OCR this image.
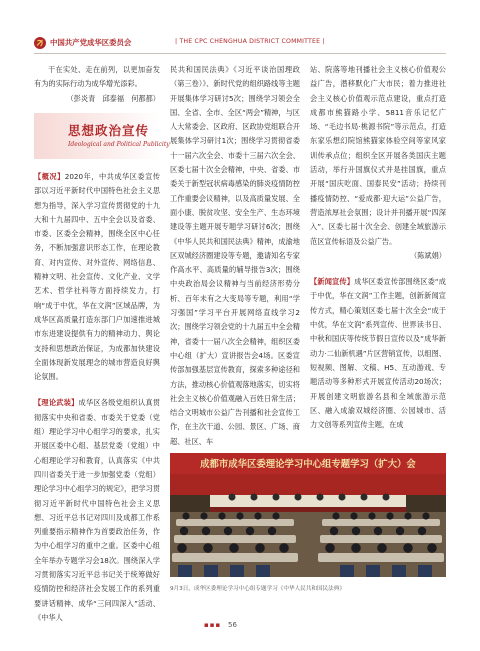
中国共产党成华区委员会	| THE CPC CHENGHUA DISTRICT COMMITTEE |

干在实处、走在前列，以更加奋发有为的实际行动为成华增光添彩。

（彭炎青　邱泰福　何都都）

思想政治宣传
Ideological and Political Publicity

【概况】2020年，中共成华区委宣传部以习近平新时代中国特色社会主义思想为指导，深入学习宣传贯彻党的十九大和十九届四中、五中全会以及省委、市委、区委全会精神，围绕全区中心任务，不断加强意识形态工作，在理论教育、对内宣传、对外宣传、网络信息、精神文明、社会宣传、文化产业、文学艺术、哲学社科等方面持续发力，打响“成于中优，华在文润”区域品牌，为成华区高质量打造东部门户加速推进城市东进建设提供有力的精神动力、舆论支持和思想政治保证，为成都加快建设全面体现新发展理念的城市营造良好舆论氛围。

【理论武装】成华区各级党组织认真贯彻落实中央和省委、市委关于党委（党组）理论学习中心组学习的要求，扎实开展区委中心组、基层党委（党组）中心组理论学习和教育，认真落实《中共四川省委关于进一步加强党委（党组）理论学习中心组学习的规定》，把学习贯彻习近平新时代中国特色社会主义思想、习近平总书记对四川及成都工作系列重要指示精神作为首要政治任务，作为中心组学习的重中之重。区委中心组全年举办专题学习会18次。围绕深入学习贯彻落实习近平总书记关于统筹做好疫情防控和经济社会发展工作的系列重要讲话精神、成华“三问四深入”活动、《中华人

民共和国民法典》《习近平谈治国理政（第三卷）》、新时代党的组织路线等主题开展集体学习研讨5次；围绕学习领会全国、全省、全市、全区“两会”精神，与区人大常委会、区政府、区政协党组联合开展集体学习研讨1次；围绕学习贯彻省委十一届六次全会、市委十三届六次全会、区委七届十次全会精神，中央、省委、市委关于新型冠状病毒感染的肺炎疫情防控工作重要会议精神，以及高质量发展、全面小康、脱贫攻坚、安全生产、生态环境建设等主题开展专题学习研讨6次；围绕《中华人民共和国民法典》精神，成渝地区双城经济圈建设等专题，邀请知名专家作高水平、高质量的辅导报告3次；围绕中央政治局会议精神与当前经济形势分析、百年未有之大变局等专题，利用“学习强国”学习平台开展网络直线学习2次；围绕学习领会党的十九届五中全会精神，省委十一届八次全会精神，组织区委中心组（扩大）宣讲报告会4场。区委宣传部加强基层宣传教育，探索多种途径和方法，推动核心价值观落地落实，切实将社会主义核心价值观融入百姓日常生活；结合文明城市公益广告刊播和社会宣传工作，在主次干道、公园、景区、广场、商超、社区、车

站、院落等地刊播社会主义核心价值观公益广告，潜移默化广大市民；着力推进社会主义核心价值观示范点建设，重点打造成都市熊猫路小学、5811音乐记忆广场、“毛边书局·桃源书院”等示范点，打造东家乐想幻院馆熊猫家体验空间等家风家训传承点位；组织全区开展各类国庆主题活动，举行升国旗仪式并是挂国旗，重点开展“国庆吃面、国泰民安”活动；持续刊播疫情防控、“爱成都·迎大运”公益广告，营造浓厚社会氛围；设计并刊播开展“四深入”、区委七届十次全会、创建全域旅游示范区宣传标语及公益广告。

（陈斌娟）

【新闻宣传】成华区委宣传部围绕区委“成于中优，华在文润”工作主题，创新新闻宣传方式，精心策划区委七届十次全会“成于中优，华在文润”系列宣传、世界读书日、中秋和国庆等传统节假日宣传以及“成华新动力·二仙新机遇”片区营销宣传，以组图、短视频、图解、文稿、H5、互动游戏、专题活动等多种形式开展宣传活动20场次；开展创建文明旅游名县和全域旅游示范区、融入成渝双城经济圈、公园城市、活力文创等系列宣传主题，在成

成都市成华区委理论学习中心组专题学习（扩大）会
9月3日，成华区委理论学习中心组专题学习《中华人民共和国民法典》
▪▪▪ 56
